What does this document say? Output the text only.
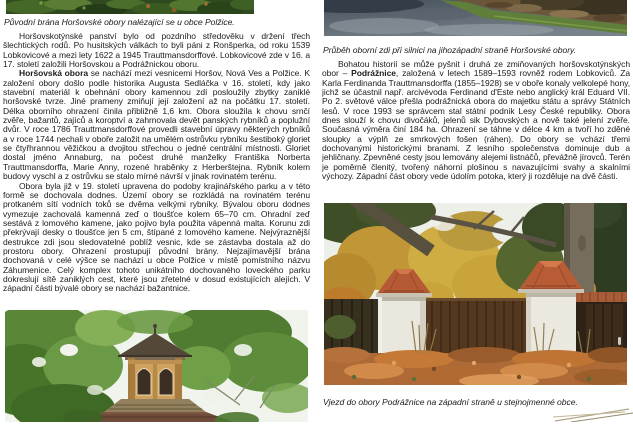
Původní brána Horšovské obory nalézající se u obce Polžice.

Horšovskotýnské panství bylo od pozdního středověku v držení třech šlechtických rodů. Po husitských válkách to byli páni z Ronšperka, od roku 1539 Lobkovicové a mezi lety 1622 a 1945 Trauttmansdorffové. Lobkovicové zde v 16. a 17. století založili Horšovskou a Podrážnickou oboru.

Horšovská obora se nachází mezi vesnicemi Horšov, Nová Ves a Polžice. K založení obory došlo podle historika Augusta Sedláčka v 16. století, kdy jako stavební materiál k obehnání obory kamennou zdí posloužily zbytky zaniklé horšovské tvrze. Jiné prameny zmiňují její založení až na počátku 17. století. Délka oborního ohrazení činila přibližně 1,6 km. Obora sloužila k chovu srnčí zvěře, bažantů, zajíců a koroptví a zahrnovala devět panských rybníků a poplužní dvůr. V roce 1786 Trauttmansdorffové provedli stavební úpravy některých rybníků a v roce 1744 nechali v oboře založit na umělém ostrůvku rybníku šestiboký gloriet se čtyřhrannou věžičkou a dvojitou střechou o jedné centrální místnosti. Gloriet dostal jméno Annaburg, na počest druhé manželky Františka Norberta Trauttmansdorffa, Marie Anny, rozené hraběnky z Herberštejna. Rybník kolem budovy vyschl a z ostrůvku se stalo mírné návrší v jinak rovinatém terénu.

Obora byla již v 19. století upravena do podoby krajinářského parku a v této formě se dochovala dodnes. Území obory se rozkládá na rovinatém terénu protkaném sítí vodních toků se dvěma velkými rybníky. Bývalou oboru dodnes vymezuje zachovalá kamenná zeď o tloušťce kolem 65–70 cm. Ohradní zeď sestává z lomového kamene, jako pojivo byla použita vápenná malta. Korunu zdi překrývají desky o tloušťce jen 5 cm, štípané z lomového kamene. Nejvýraznější destrukce zdi jsou sledovatelné poblíž vesnic, kde se zástavba dostala až do prostoru obory. Ohrazení prostupují původní brány. Nejzajímavější brána dochovaná v celé výšce se nachází u obce Polžice v místě pomístního názvu Záhumenice. Celý komplex tohoto unikátního dochovaného loveckého parku dokreslují sítě zaniklých cest, které jsou zřetelné v dosud existujících alejích. V západní části bývalé obory se nachází bažantnice.

Průběh oborní zdi při silnici na jihozápadní straně Horšovské obory.

Bohatou historií se může pyšnit i druhá ze zmiňovaných horšovskotýnských obor – Podrážnice, založená v letech 1589–1593 rovněž rodem Lobkoviců. Za Karla Ferdinanda Trauttmansdorffa (1855–1928) se v oboře konaly velkolepé hony, jichž se účastnil např. arcivévoda Ferdinand d'Este nebo anglický král Eduard VII. Po 2. světové válce přešla podrážnická obora do majetku státu a správy Státních lesů. V roce 1993 se správcem stal státní podnik Lesy České republiky. Obora dnes slouží k chovu divočáků, jelenů sik Dybovských a nově také jelení zvěře. Současná výměra činí 184 ha. Ohrazení se táhne v délce 4 km a tvoří ho zděné sloupky a výplň ze smrkových fošen (ráhen). Do obory se vchází třemi dochovanými historickými branami. Z lesního společenstva dominuje dub a jehličnany. Zpevněné cesty jsou lemovány alejemi listnáčů, převážně jírovců. Terén je poměrně členitý, tvořený náhorní plošinou s navazujícími svahy a skalními výchozy. Západní část obory vede údolím potoka, který ji rozděluje na dvě části.

Vjezd do obory Podrážnice na západní straně u stejnojmenné obce.
